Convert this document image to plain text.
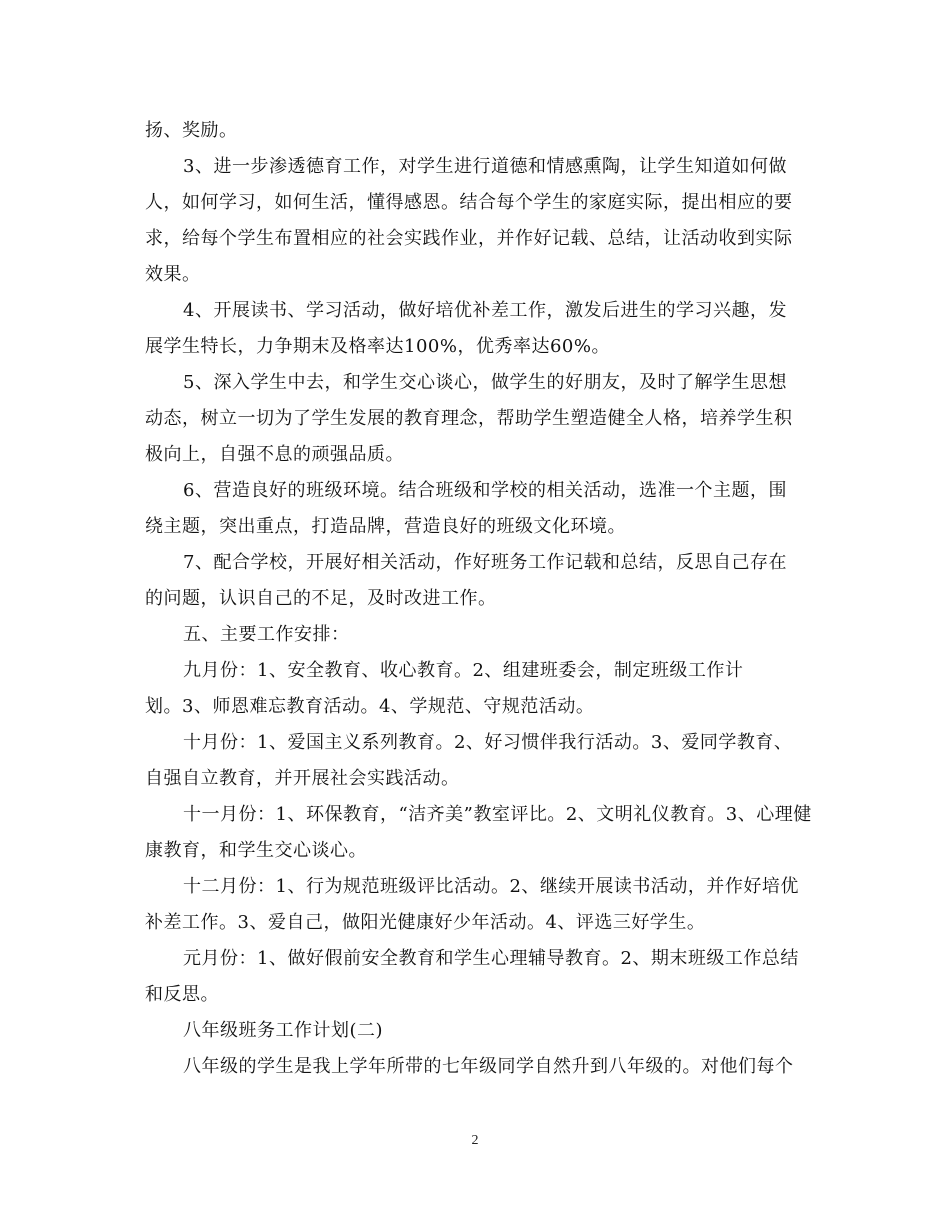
扬、奖励。
3、进一步渗透德育工作，对学生进行道德和情感熏陶，让学生知道如何做
人，如何学习，如何生活，懂得感恩。结合每个学生的家庭实际，提出相应的要
求，给每个学生布置相应的社会实践作业，并作好记载、总结，让活动收到实际
效果。
4、开展读书、学习活动，做好培优补差工作，激发后进生的学习兴趣，发
展学生特长，力争期末及格率达100%，优秀率达60%。
5、深入学生中去，和学生交心谈心，做学生的好朋友，及时了解学生思想
动态，树立一切为了学生发展的教育理念，帮助学生塑造健全人格，培养学生积
极向上，自强不息的顽强品质。
6、营造良好的班级环境。结合班级和学校的相关活动，选准一个主题，围
绕主题，突出重点，打造品牌，营造良好的班级文化环境。
7、配合学校，开展好相关活动，作好班务工作记载和总结，反思自己存在
的问题，认识自己的不足，及时改进工作。
五、主要工作安排：
九月份：1、安全教育、收心教育。2、组建班委会，制定班级工作计
划。3、师恩难忘教育活动。4、学规范、守规范活动。
十月份：1、爱国主义系列教育。2、好习惯伴我行活动。3、爱同学教育、
自强自立教育，并开展社会实践活动。
十一月份：1、环保教育，“洁齐美”教室评比。2、文明礼仪教育。3、心理健
康教育，和学生交心谈心。
十二月份：1、行为规范班级评比活动。2、继续开展读书活动，并作好培优
补差工作。3、爱自己，做阳光健康好少年活动。4、评选三好学生。
元月份：1、做好假前安全教育和学生心理辅导教育。2、期末班级工作总结
和反思。
八年级班务工作计划(二)
八年级的学生是我上学年所带的七年级同学自然升到八年级的。对他们每个
2
